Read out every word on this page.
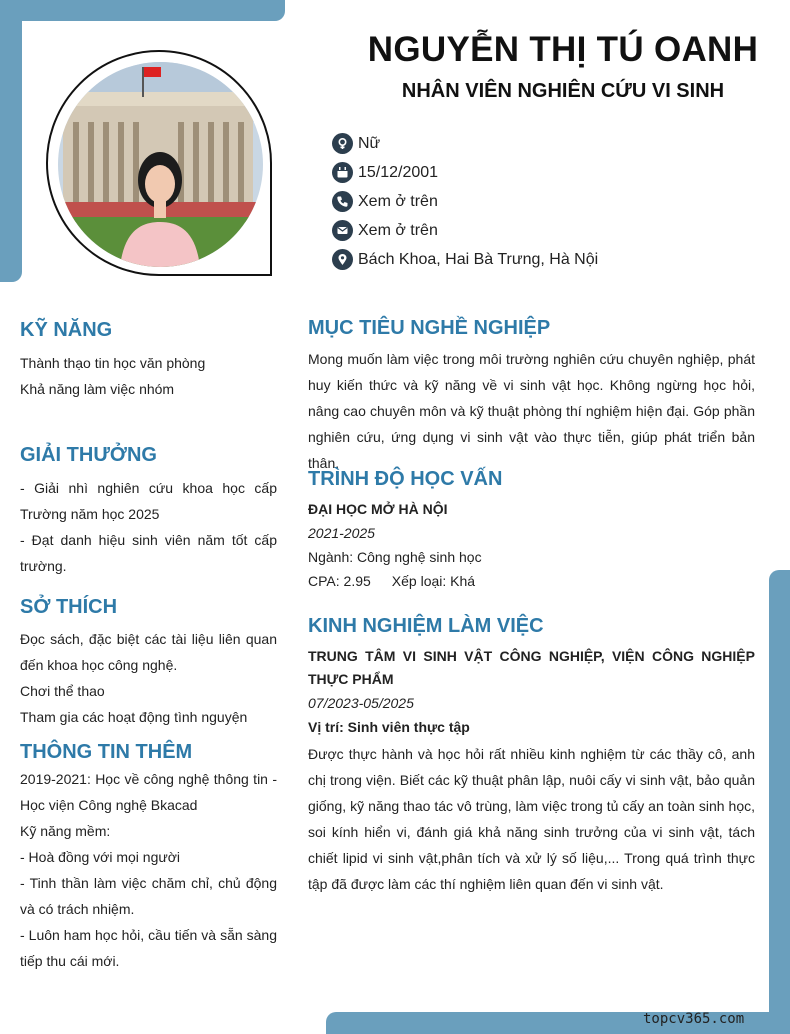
NGUYỄN THỊ TÚ OANH
NHÂN VIÊN NGHIÊN CỨU VI SINH
Nữ
15/12/2001
Xem ở trên
Xem ở trên
Bách Khoa, Hai Bà Trưng, Hà Nội
KỸ NĂNG
Thành thạo tin học văn phòng
Khả năng làm việc nhóm
GIẢI THƯỞNG
- Giải nhì nghiên cứu khoa học cấp Trường năm học 2025
- Đạt danh hiệu sinh viên năm tốt cấp trường.
SỞ THÍCH
Đọc sách, đặc biệt các tài liệu liên quan đến khoa học công nghệ.
Chơi thể thao
Tham gia các hoạt động tình nguyện
THÔNG TIN THÊM
2019-2021: Học về công nghệ thông tin - Học viện Công nghệ Bkacad
Kỹ năng mềm:
- Hoà đồng với mọi người
- Tinh thần làm việc chăm chỉ, chủ động và có trách nhiệm.
- Luôn ham học hỏi, cầu tiến và sẵn sàng tiếp thu cái mới.
MỤC TIÊU NGHỀ NGHIỆP
Mong muốn làm việc trong môi trường nghiên cứu chuyên nghiệp, phát huy kiến thức và kỹ năng về vi sinh vật học. Không ngừng học hỏi, nâng cao chuyên môn và kỹ thuật phòng thí nghiệm hiện đại. Góp phần nghiên cứu, ứng dụng vi sinh vật vào thực tiễn, giúp phát triển bản thân.
TRÌNH ĐỘ HỌC VẤN
ĐẠI HỌC MỞ HÀ NỘI
2021-2025
Ngành: Công nghệ sinh học
CPA: 2.95 Xếp loại: Khá
KINH NGHIỆM LÀM VIỆC
TRUNG TÂM VI SINH VẬT CÔNG NGHIỆP, VIỆN CÔNG NGHIỆP THỰC PHẨM
07/2023-05/2025
Vị trí: Sinh viên thực tập
Được thực hành và học hỏi rất nhiều kinh nghiệm từ các thầy cô, anh chị trong viện. Biết các kỹ thuật phân lập, nuôi cấy vi sinh vật, bảo quản giống, kỹ năng thao tác vô trùng, làm việc trong tủ cấy an toàn sinh học, soi kính hiển vi, đánh giá khả năng sinh trưởng của vi sinh vật, tách chiết lipid vi sinh vật,phân tích và xử lý số liệu,... Trong quá trình thực tập đã được làm các thí nghiệm liên quan đến vi sinh vật.
topcv365.com
